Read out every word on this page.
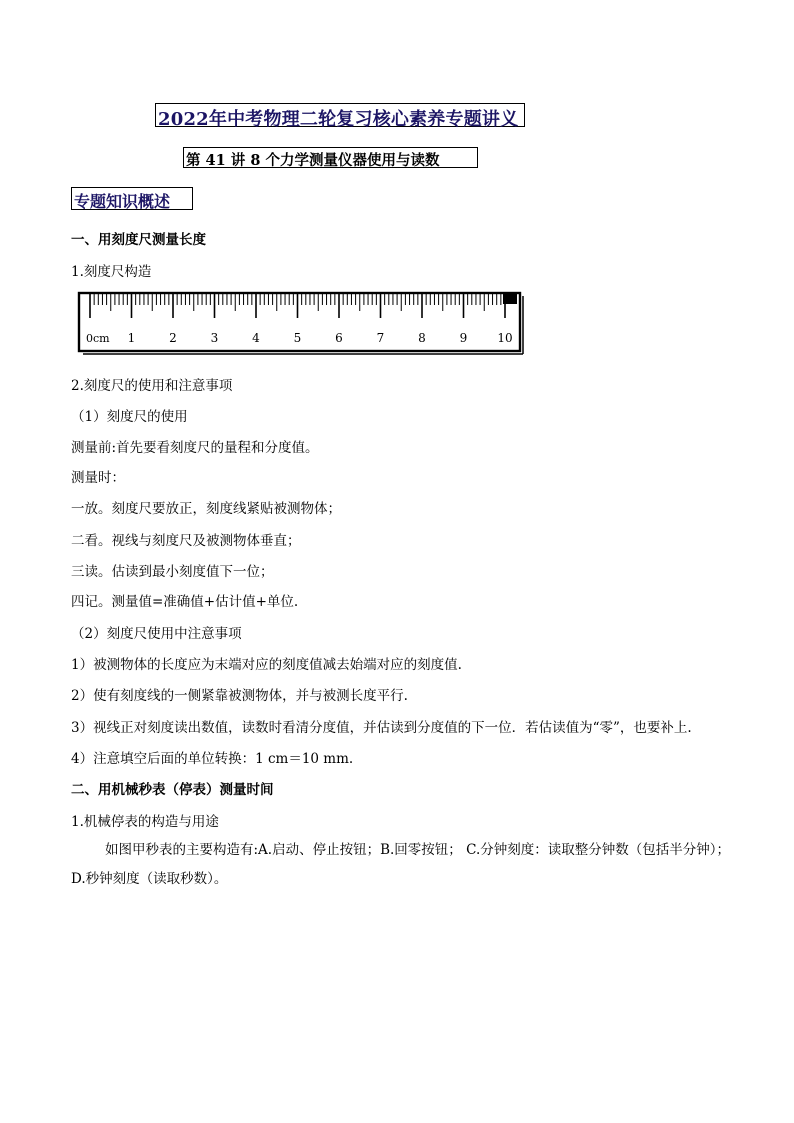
2022年中考物理二轮复习核心素养专题讲义
第 41 讲 8 个力学测量仪器使用与读数
专题知识概述
一、用刻度尺测量长度
1.刻度尺构造
0cm 1	2	3	4	5	6	7	8	9	10
2.刻度尺的使用和注意事项
（1）刻度尺的使用
测量前:首先要看刻度尺的量程和分度值。
测量时：
一放。刻度尺要放正，刻度线紧贴被测物体；
二看。视线与刻度尺及被测物体垂直；
三读。估读到最小刻度值下一位；
四记。测量值=准确值+估计值+单位.
（2）刻度尺使用中注意事项
1）被测物体的长度应为末端对应的刻度值减去始端对应的刻度值.
2）使有刻度线的一侧紧靠被测物体，并与被测长度平行.
3）视线正对刻度读出数值，读数时看清分度值，并估读到分度值的下一位．若估读值为“零”，也要补上.
4）注意填空后面的单位转换：1 cm＝10 mm.
二、用机械秒表（停表）测量时间
1.机械停表的构造与用途
如图甲秒表的主要构造有:A.启动、停止按钮；B.回零按钮； C.分钟刻度：读取整分钟数（包括半分钟）；D.秒钟刻度（读取秒数）。
